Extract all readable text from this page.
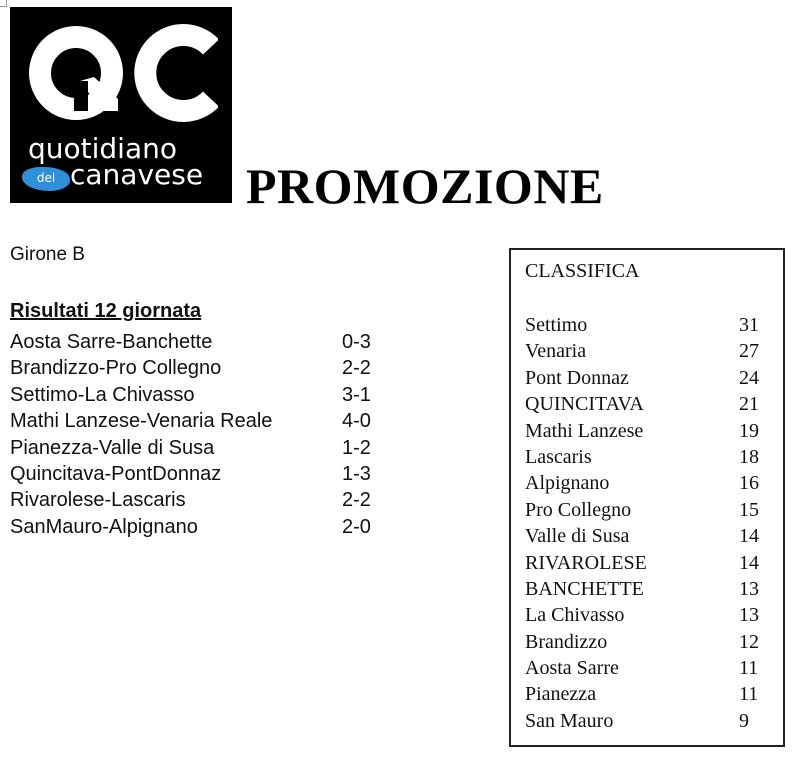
quotidiano
del canavese PROMOZIONE
Girone B
Risultati 12 giornata
Aosta Sarre-Banchette	0-3
Brandizzo-Pro Collegno	2-2
Settimo-La Chivasso	3-1
Mathi Lanzese-Venaria Reale	4-0
Pianezza-Valle di Susa	1-2
Quincitava-PontDonnaz	1-3
Rivarolese-Lascaris	2-2
SanMauro-Alpignano	2-0
CLASSIFICA
Settimo	31
Venaria	27
Pont Donnaz	24
QUINCITAVA	21
Mathi Lanzese	19
Lascaris	18
Alpignano	16
Pro Collegno	15
Valle di Susa	14
RIVAROLESE	14
BANCHETTE	13
La Chivasso	13
Brandizzo	12
Aosta Sarre	11
Pianezza	11
San Mauro	9
